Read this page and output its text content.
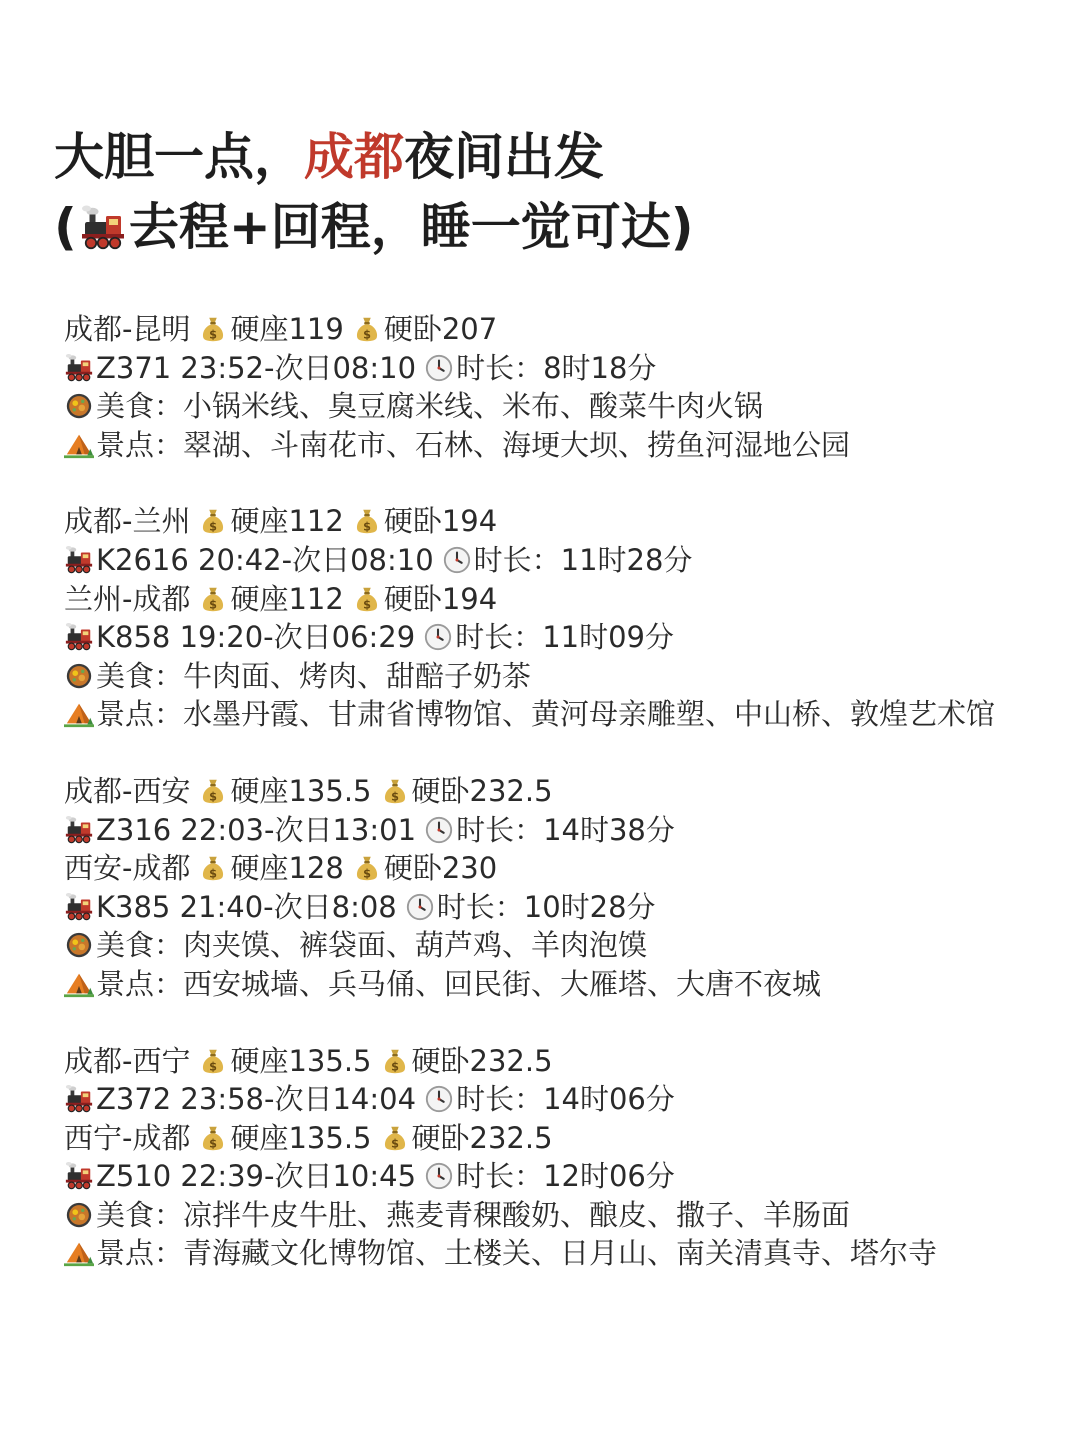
大胆一点，成都夜间出发
( 去程+回程，睡一觉可达)
成都-昆明 硬座119 硬卧207
Z371 23:52-次日08:10 时长：8时18分
美食：小锅米线、臭豆腐米线、米布、酸菜牛肉火锅
景点：翠湖、斗南花市、石林、海埂大坝、捞鱼河湿地公园
成都-兰州 硬座112 硬卧194
K2616 20:42-次日08:10 时长：11时28分
兰州-成都 硬座112 硬卧194
K858 19:20-次日06:29 时长：11时09分
美食：牛肉面、烤肉、甜醅子奶茶
景点：水墨丹霞、甘肃省博物馆、黄河母亲雕塑、中山桥、敦煌艺术馆
成都-西安 硬座135.5 硬卧232.5
Z316 22:03-次日13:01 时长：14时38分
西安-成都 硬座128 硬卧230
K385 21:40-次日8:08 时长：10时28分
美食：肉夹馍、裤袋面、葫芦鸡、羊肉泡馍
景点：西安城墙、兵马俑、回民街、大雁塔、大唐不夜城
成都-西宁 硬座135.5 硬卧232.5
Z372 23:58-次日14:04 时长：14时06分
西宁-成都 硬座135.5 硬卧232.5
Z510 22:39-次日10:45 时长：12时06分
美食：凉拌牛皮牛肚、燕麦青稞酸奶、酿皮、撒子、羊肠面
景点：青海藏文化博物馆、土楼关、日月山、南关清真寺、塔尔寺
